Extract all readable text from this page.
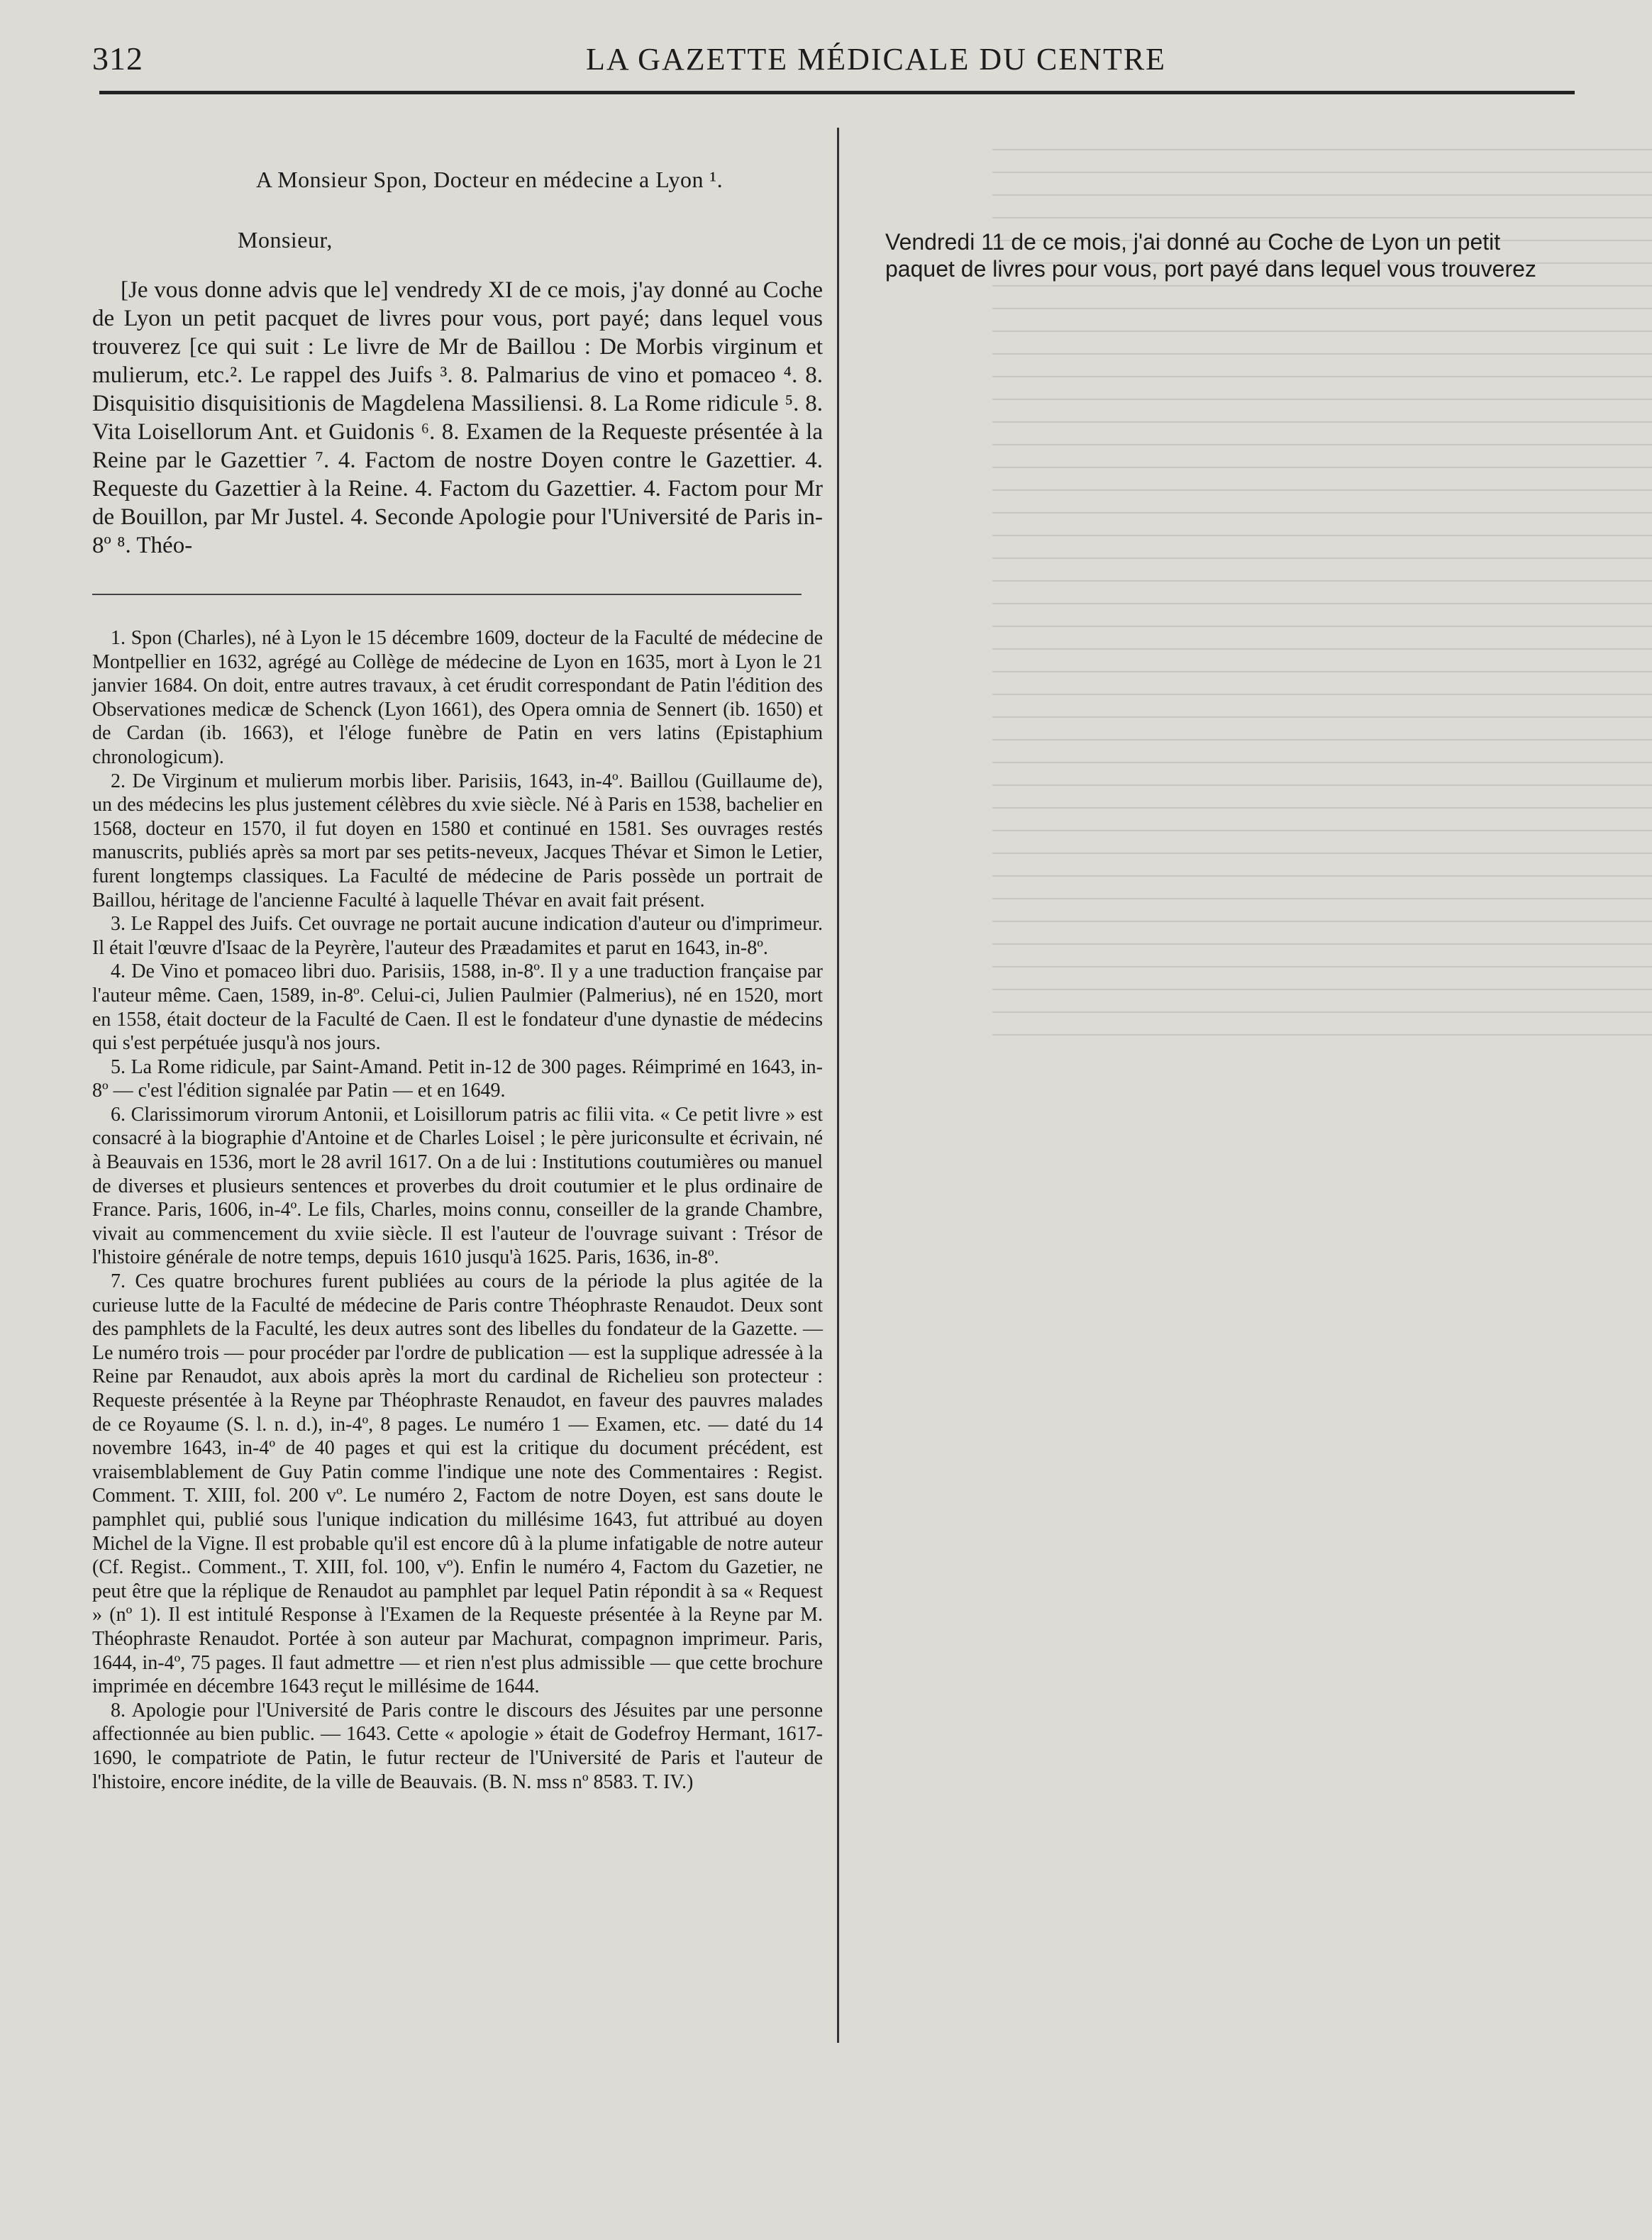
312	LA GAZETTE MÉDICALE DU CENTRE
A Monsieur Spon, Docteur en médecine a Lyon ¹.
Monsieur,

[Je vous donne advis que le] vendredy XI de ce mois, j'ay donné au Coche de Lyon un petit pacquet de livres pour vous, port payé; dans lequel vous trouverez [ce qui suit : Le livre de Mr de Baillou : De Morbis virginum et mulierum, etc.². Le rappel des Juifs ³. 8. Palmarius de vino et pomaceo ⁴. 8. Disquisitio disquisitionis de Magdelena Massiliensi. 8. La Rome ridicule ⁵. 8. Vita Loisellorum Ant. et Guidonis ⁶. 8. Examen de la Requeste présentée à la Reine par le Gazettier ⁷. 4. Factom de nostre Doyen contre le Gazettier. 4. Requeste du Gazettier à la Reine. 4. Factom du Gazettier. 4. Factom pour Mr de Bouillon, par Mr Justel. 4. Seconde Apologie pour l'Université de Paris in-8º ⁸. Théo-

1. Spon (Charles), né à Lyon le 15 décembre 1609, docteur de la Faculté de médecine de Montpellier en 1632, agrégé au Collège de médecine de Lyon en 1635, mort à Lyon le 21 janvier 1684. On doit, entre autres travaux, à cet érudit correspondant de Patin l'édition des Observationes medicæ de Schenck (Lyon 1661), des Opera omnia de Sennert (ib. 1650) et de Cardan (ib. 1663), et l'éloge funèbre de Patin en vers latins (Epistaphium chronologicum).

2. De Virginum et mulierum morbis liber. Parisiis, 1643, in-4º. Baillou (Guillaume de), un des médecins les plus justement célèbres du xvie siècle. Né à Paris en 1538, bachelier en 1568, docteur en 1570, il fut doyen en 1580 et continué en 1581. Ses ouvrages restés manuscrits, publiés après sa mort par ses petits-neveux, Jacques Thévar et Simon le Letier, furent longtemps classiques. La Faculté de médecine de Paris possède un portrait de Baillou, héritage de l'ancienne Faculté à laquelle Thévar en avait fait présent.

3. Le Rappel des Juifs. Cet ouvrage ne portait aucune indication d'auteur ou d'imprimeur. Il était l'œuvre d'Isaac de la Peyrère, l'auteur des Præadamites et parut en 1643, in-8º.

4. De Vino et pomaceo libri duo. Parisiis, 1588, in-8º. Il y a une traduction française par l'auteur même. Caen, 1589, in-8º. Celui-ci, Julien Paulmier (Palmerius), né en 1520, mort en 1558, était docteur de la Faculté de Caen. Il est le fondateur d'une dynastie de médecins qui s'est perpétuée jusqu'à nos jours.

5. La Rome ridicule, par Saint-Amand. Petit in-12 de 300 pages. Réimprimé en 1643, in-8º — c'est l'édition signalée par Patin — et en 1649.

6. Clarissimorum virorum Antonii, et Loisillorum patris ac filii vita. « Ce petit livre » est consacré à la biographie d'Antoine et de Charles Loisel ; le père juriconsulte et écrivain, né à Beauvais en 1536, mort le 28 avril 1617. On a de lui : Institutions coutumières ou manuel de diverses et plusieurs sentences et proverbes du droit coutumier et le plus ordinaire de France. Paris, 1606, in-4º. Le fils, Charles, moins connu, conseiller de la grande Chambre, vivait au commencement du xviie siècle. Il est l'auteur de l'ouvrage suivant : Trésor de l'histoire générale de notre temps, depuis 1610 jusqu'à 1625. Paris, 1636, in-8º.

7. Ces quatre brochures furent publiées au cours de la période la plus agitée de la curieuse lutte de la Faculté de médecine de Paris contre Théophraste Renaudot. Deux sont des pamphlets de la Faculté, les deux autres sont des libelles du fondateur de la Gazette. — Le numéro trois — pour procéder par l'ordre de publication — est la supplique adressée à la Reine par Renaudot, aux abois après la mort du cardinal de Richelieu son protecteur : Requeste présentée à la Reyne par Théophraste Renaudot, en faveur des pauvres malades de ce Royaume (S. l. n. d.), in-4º, 8 pages. Le numéro 1 — Examen, etc. — daté du 14 novembre 1643, in-4º de 40 pages et qui est la critique du document précédent, est vraisemblablement de Guy Patin comme l'indique une note des Commentaires : Regist. Comment. T. XIII, fol. 200 vº. Le numéro 2, Factom de notre Doyen, est sans doute le pamphlet qui, publié sous l'unique indication du millésime 1643, fut attribué au doyen Michel de la Vigne. Il est probable qu'il est encore dû à la plume infatigable de notre auteur (Cf. Regist.. Comment., T. XIII, fol. 100, vº). Enfin le numéro 4, Factom du Gazetier, ne peut être que la réplique de Renaudot au pamphlet par lequel Patin répondit à sa « Request » (nº 1). Il est intitulé Response à l'Examen de la Requeste présentée à la Reyne par M. Théophraste Renaudot. Portée à son auteur par Machurat, compagnon imprimeur. Paris, 1644, in-4º, 75 pages. Il faut admettre — et rien n'est plus admissible — que cette brochure imprimée en décembre 1643 reçut le millésime de 1644.

8. Apologie pour l'Université de Paris contre le discours des Jésuites par une personne affectionnée au bien public. — 1643. Cette « apologie » était de Godefroy Hermant, 1617-1690, le compatriote de Patin, le futur recteur de l'Université de Paris et l'auteur de l'histoire, encore inédite, de la ville de Beauvais. (B. N. mss nº 8583. T. IV.)

Vendredi 11 de ce mois, j'ai donné au Coche de Lyon un petit paquet de livres pour vous, port payé dans lequel vous trouverez
